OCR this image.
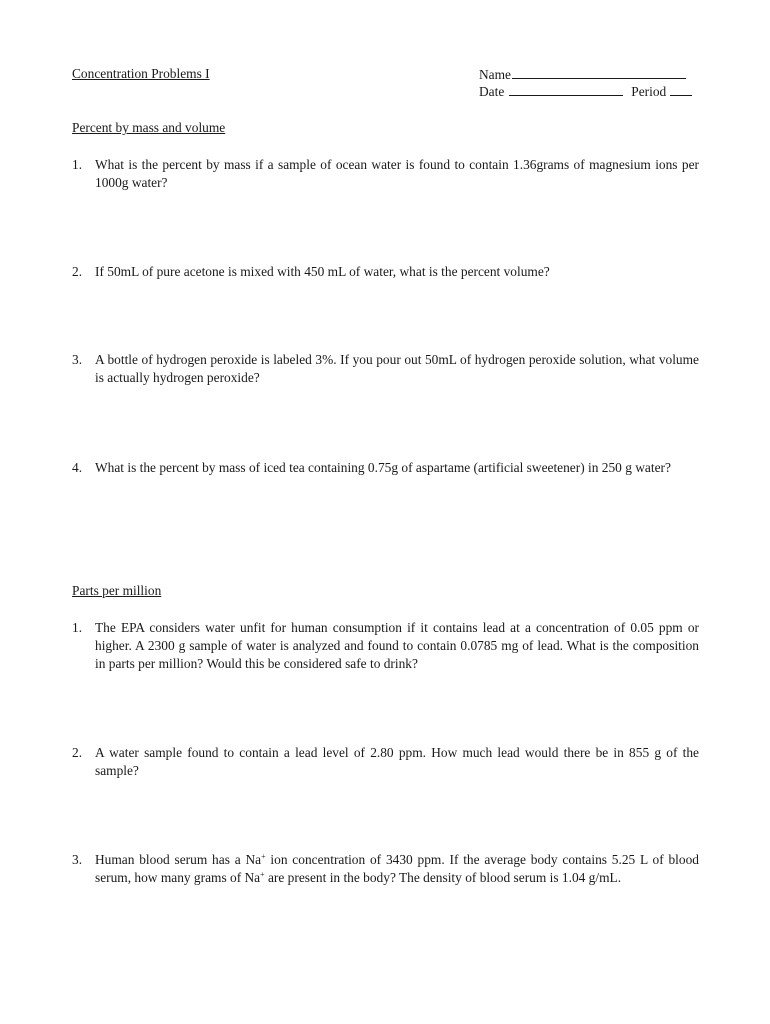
Concentration Problems I	Name
Date	Period
Percent by mass and volume
1. What is the percent by mass if a sample of ocean water is found to contain 1.36grams of magnesium ions per 1000g water?
2. If 50mL of pure acetone is mixed with 450 mL of water, what is the percent volume?
3. A bottle of hydrogen peroxide is labeled 3%. If you pour out 50mL of hydrogen peroxide solution, what volume is actually hydrogen peroxide?
4. What is the percent by mass of iced tea containing 0.75g of aspartame (artificial sweetener) in 250 g water?
Parts per million
1. The EPA considers water unfit for human consumption if it contains lead at a concentration of 0.05 ppm or higher. A 2300 g sample of water is analyzed and found to contain 0.0785 mg of lead. What is the composition in parts per million? Would this be considered safe to drink?
2. A water sample found to contain a lead level of 2.80 ppm. How much lead would there be in 855 g of the sample?
3. Human blood serum has a Na+ ion concentration of 3430 ppm. If the average body contains 5.25 L of blood serum, how many grams of Na+ are present in the body? The density of blood serum is 1.04 g/mL.
